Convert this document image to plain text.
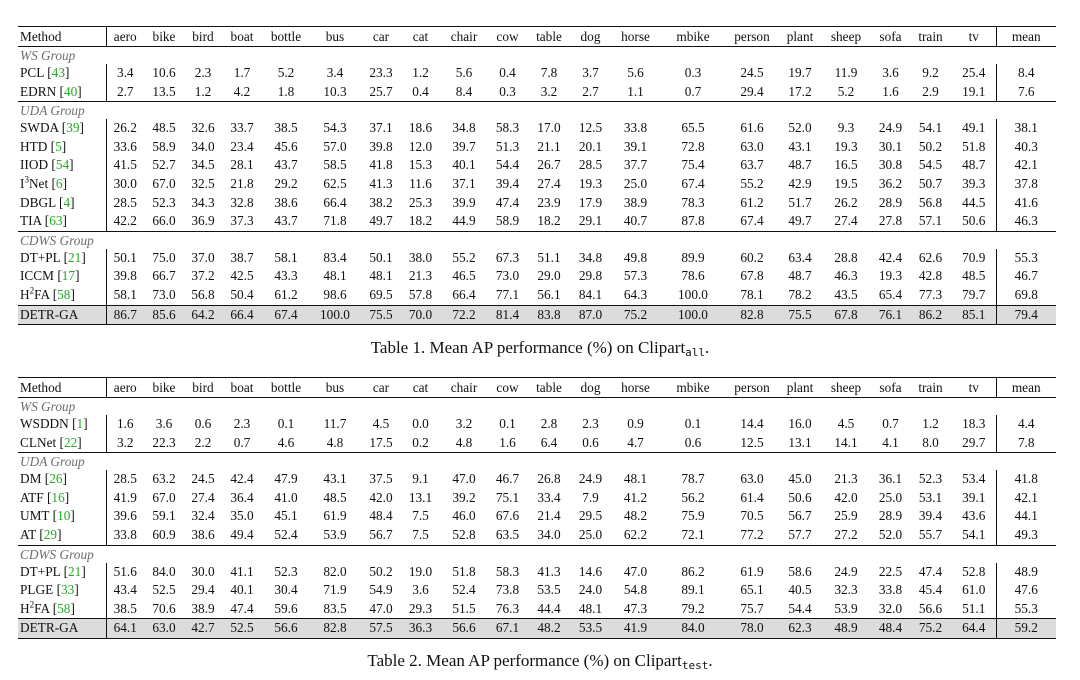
Method	aero	bike	bird	boat	bottle	bus	car	cat	chair	cow	table	dog	horse	mbike	person	plant	sheep	sofa	train	tv	mean
WS Group																					
PCL [43]	3.4	10.6	2.3	1.7	5.2	3.4	23.3	1.2	5.6	0.4	7.8	3.7	5.6	0.3	24.5	19.7	11.9	3.6	9.2	25.4	8.4
EDRN [40]	2.7	13.5	1.2	4.2	1.8	10.3	25.7	0.4	8.4	0.3	3.2	2.7	1.1	0.7	29.4	17.2	5.2	1.6	2.9	19.1	7.6
UDA Group																					
SWDA [39]	26.2	48.5	32.6	33.7	38.5	54.3	37.1	18.6	34.8	58.3	17.0	12.5	33.8	65.5	61.6	52.0	9.3	24.9	54.1	49.1	38.1
HTD [5]	33.6	58.9	34.0	23.4	45.6	57.0	39.8	12.0	39.7	51.3	21.1	20.1	39.1	72.8	63.0	43.1	19.3	30.1	50.2	51.8	40.3
IIOD [54]	41.5	52.7	34.5	28.1	43.7	58.5	41.8	15.3	40.1	54.4	26.7	28.5	37.7	75.4	63.7	48.7	16.5	30.8	54.5	48.7	42.1
$I^3Net$ [6]	30.0	67.0	32.5	21.8	29.2	62.5	41.3	11.6	37.1	39.4	27.4	19.3	25.0	67.4	55.2	42.9	19.5	36.2	50.7	39.3	37.8
DBGL [4]	28.5	52.3	34.3	32.8	38.6	66.4	38.2	25.3	39.9	47.4	23.9	17.9	38.9	78.3	61.2	51.7	26.2	28.9	56.8	44.5	41.6
TIA [63]	42.2	66.0	36.9	37.3	43.7	71.8	49.7	18.2	44.9	58.9	18.2	29.1	40.7	87.8	67.4	49.7	27.4	27.8	57.1	50.6	46.3
CDWS Group																					
DT+PL [21]	50.1	75.0	37.0	38.7	58.1	83.4	50.1	38.0	55.2	67.3	51.1	34.8	49.8	89.9	60.2	63.4	28.8	42.4	62.6	70.9	55.3
ICCM [17]	39.8	66.7	37.2	42.5	43.3	48.1	48.1	21.3	46.5	73.0	29.0	29.8	57.3	78.6	67.8	48.7	46.3	19.3	42.8	48.5	46.7
$H^2FA$ [58]	58.1	73.0	56.8	50.4	61.2	98.6	69.5	57.8	66.4	77.1	56.1	84.1	64.3	100.0	78.1	78.2	43.5	65.4	77.3	79.7	69.8
DETR-GA	86.7	85.6	64.2	66.4	67.4	100.0	75.5	70.0	72.2	81.4	83.8	87.0	75.2	100.0	82.8	75.5	67.8	76.1	86.2	85.1	79.4
Table 1. Mean AP performance (%) on Clipartall.
Method	aero	bike	bird	boat	bottle	bus	car	cat	chair	cow	table	dog	horse	mbike	person	plant	sheep	sofa	train	tv	mean
WS Group																					
WSDDN [1]	1.6	3.6	0.6	2.3	0.1	11.7	4.5	0.0	3.2	0.1	2.8	2.3	0.9	0.1	14.4	16.0	4.5	0.7	1.2	18.3	4.4
CLNet [22]	3.2	22.3	2.2	0.7	4.6	4.8	17.5	0.2	4.8	1.6	6.4	0.6	4.7	0.6	12.5	13.1	14.1	4.1	8.0	29.7	7.8
UDA Group																					
DM [26]	28.5	63.2	24.5	42.4	47.9	43.1	37.5	9.1	47.0	46.7	26.8	24.9	48.1	78.7	63.0	45.0	21.3	36.1	52.3	53.4	41.8
ATF [16]	41.9	67.0	27.4	36.4	41.0	48.5	42.0	13.1	39.2	75.1	33.4	7.9	41.2	56.2	61.4	50.6	42.0	25.0	53.1	39.1	42.1
UMT [10]	39.6	59.1	32.4	35.0	45.1	61.9	48.4	7.5	46.0	67.6	21.4	29.5	48.2	75.9	70.5	56.7	25.9	28.9	39.4	43.6	44.1
AT [29]	33.8	60.9	38.6	49.4	52.4	53.9	56.7	7.5	52.8	63.5	34.0	25.0	62.2	72.1	77.2	57.7	27.2	52.0	55.7	54.1	49.3
CDWS Group																					
DT+PL [21]	51.6	84.0	30.0	41.1	52.3	82.0	50.2	19.0	51.8	58.3	41.3	14.6	47.0	86.2	61.9	58.6	24.9	22.5	47.4	52.8	48.9
PLGE [33]	43.4	52.5	29.4	40.1	30.4	71.9	54.9	3.6	52.4	73.8	53.5	24.0	54.8	89.1	65.1	40.5	32.3	33.8	45.4	61.0	47.6
$H^2FA$ [58]	38.5	70.6	38.9	47.4	59.6	83.5	47.0	29.3	51.5	76.3	44.4	48.1	47.3	79.2	75.7	54.4	53.9	32.0	56.6	51.1	55.3
DETR-GA	64.1	63.0	42.7	52.5	56.6	82.8	57.5	36.3	56.6	67.1	48.2	53.5	41.9	84.0	78.0	62.3	48.9	48.4	75.2	64.4	59.2
Table 2. Mean AP performance (%) on Cliparttest.
